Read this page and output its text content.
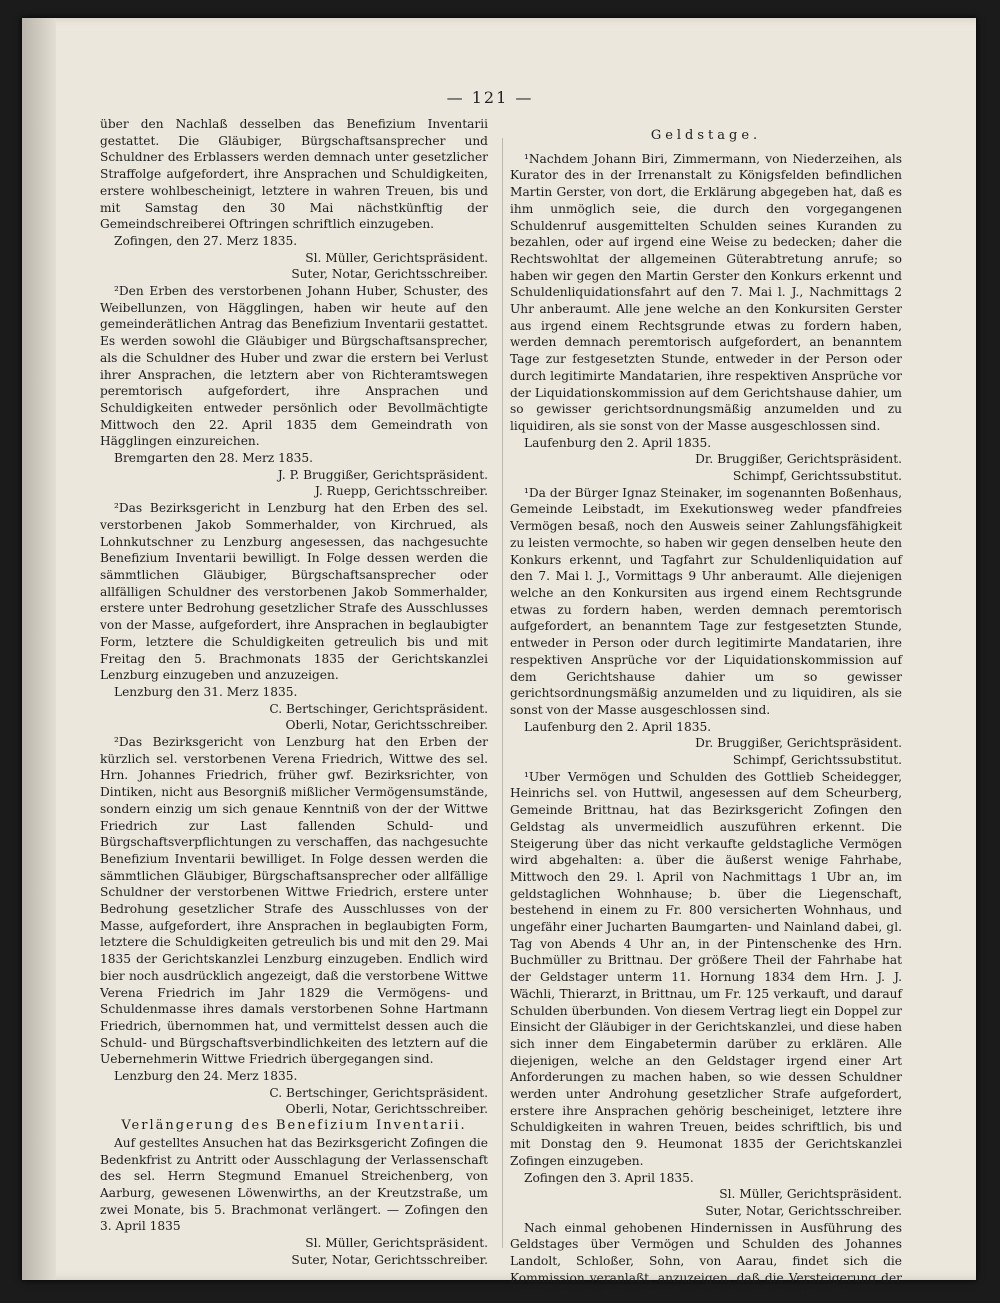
— 121 —

über den Nachlaß desselben das Benefizium Inventarii gestattet. Die Gläubiger, Bürgschaftsansprecher und Schuldner des Erblassers werden demnach unter gesetzlicher Straffolge aufgefordert, ihre Ansprachen und Schuldigkeiten, erstere wohlbescheinigt, letztere in wahren Treuen, bis und mit Samstag den 30 Mai nächstkünftig der Gemeindschreiberei Oftringen schriftlich einzugeben.

Zofingen, den 27. Merz 1835.

Sl. Müller, Gerichtspräsident.

Suter, Notar, Gerichtsschreiber.

²Den Erben des verstorbenen Johann Huber, Schuster, des Weibellunzen, von Hägglingen, haben wir heute auf den gemeinderätlichen Antrag das Benefizium Inventarii gestattet. Es werden sowohl die Gläubiger und Bürgschaftsansprecher, als die Schuldner des Huber und zwar die erstern bei Verlust ihrer Ansprachen, die letztern aber von Richteramtswegen peremtorisch aufgefordert, ihre Ansprachen und Schuldigkeiten entweder persönlich oder Bevollmächtigte Mittwoch den 22. April 1835 dem Gemeindrath von Hägglingen einzureichen.

Bremgarten den 28. Merz 1835.

J. P. Bruggißer, Gerichtspräsident.

J. Ruepp, Gerichtsschreiber.

²Das Bezirksgericht in Lenzburg hat den Erben des sel. verstorbenen Jakob Sommerhalder, von Kirchrued, als Lohnkutschner zu Lenzburg angesessen, das nachgesuchte Benefizium Inventarii bewilligt. In Folge dessen werden die sämmtlichen Gläubiger, Bürgschaftsansprecher oder allfälligen Schuldner des verstorbenen Jakob Sommerhalder, erstere unter Bedrohung gesetzlicher Strafe des Ausschlusses von der Masse, aufgefordert, ihre Ansprachen in beglaubigter Form, letztere die Schuldigkeiten getreulich bis und mit Freitag den 5. Brachmonats 1835 der Gerichtskanzlei Lenzburg einzugeben und anzuzeigen.

Lenzburg den 31. Merz 1835.

C. Bertschinger, Gerichtspräsident.

Oberli, Notar, Gerichtsschreiber.

²Das Bezirksgericht von Lenzburg hat den Erben der kürzlich sel. verstorbenen Verena Friedrich, Wittwe des sel. Hrn. Johannes Friedrich, früher gwf. Bezirksrichter, von Dintiken, nicht aus Besorgniß mißlicher Vermögensumstände, sondern einzig um sich genaue Kenntniß von der der Wittwe Friedrich zur Last fallenden Schuld- und Bürgschaftsverpflichtungen zu verschaffen, das nachgesuchte Benefizium Inventarii bewilliget. In Folge dessen werden die sämmtlichen Gläubiger, Bürgschaftsansprecher oder allfällige Schuldner der verstorbenen Wittwe Friedrich, erstere unter Bedrohung gesetzlicher Strafe des Ausschlusses von der Masse, aufgefordert, ihre Ansprachen in beglaubigten Form, letztere die Schuldigkeiten getreulich bis und mit den 29. Mai 1835 der Gerichtskanzlei Lenzburg einzugeben. Endlich wird bier noch ausdrücklich angezeigt, daß die verstorbene Wittwe Verena Friedrich im Jahr 1829 die Vermögens- und Schuldenmasse ihres damals verstorbenen Sohne Hartmann Friedrich, übernommen hat, und vermittelst dessen auch die Schuld- und Bürgschaftsverbindlichkeiten des letztern auf die Uebernehmerin Wittwe Friedrich übergegangen sind.

Lenzburg den 24. Merz 1835.

C. Bertschinger, Gerichtspräsident.

Oberli, Notar, Gerichtsschreiber.

Verlängerung des Benefizium Inventarii.

Auf gestelltes Ansuchen hat das Bezirksgericht Zofingen die Bedenkfrist zu Antritt oder Ausschlagung der Verlassenschaft des sel. Herrn Stegmund Emanuel Streichenberg, von Aarburg, gewesenen Löwenwirths, an der Kreutzstraße, um zwei Monate, bis 5. Brachmonat verlängert. — Zofingen den 3. April 1835

Sl. Müller, Gerichtspräsident.

Suter, Notar, Gerichtsschreiber.

Geldstage.

¹Nachdem Johann Biri, Zimmermann, von Niederzeihen, als Kurator des in der Irrenanstalt zu Königsfelden befindlichen Martin Gerster, von dort, die Erklärung abgegeben hat, daß es ihm unmöglich seie, die durch den vorgegangenen Schuldenruf ausgemittelten Schulden seines Kuranden zu bezahlen, oder auf irgend eine Weise zu bedecken; daher die Rechtswohltat der allgemeinen Güterabtretung anrufe; so haben wir gegen den Martin Gerster den Konkurs erkennt und Schuldenliquidationsfahrt auf den 7. Mai l. J., Nachmittags 2 Uhr anberaumt. Alle jene welche an den Konkursiten Gerster aus irgend einem Rechtsgrunde etwas zu fordern haben, werden demnach peremtorisch aufgefordert, an benanntem Tage zur festgesetzten Stunde, entweder in der Person oder durch legitimirte Mandatarien, ihre respektiven Ansprüche vor der Liquidationskommission auf dem Gerichtshause dahier, um so gewisser gerichtsordnungsmäßig anzumelden und zu liquidiren, als sie sonst von der Masse ausgeschlossen sind.

Laufenburg den 2. April 1835.

Dr. Bruggißer, Gerichtspräsident.

Schimpf, Gerichtssubstitut.

¹Da der Bürger Ignaz Steinaker, im sogenannten Boßenhaus, Gemeinde Leibstadt, im Exekutionsweg weder pfandfreies Vermögen besaß, noch den Ausweis seiner Zahlungsfähigkeit zu leisten vermochte, so haben wir gegen denselben heute den Konkurs erkennt, und Tagfahrt zur Schuldenliquidation auf den 7. Mai l. J., Vormittags 9 Uhr anberaumt. Alle diejenigen welche an den Konkursiten aus irgend einem Rechtsgrunde etwas zu fordern haben, werden demnach peremtorisch aufgefordert, an benanntem Tage zur festgesetzten Stunde, entweder in Person oder durch legitimirte Mandatarien, ihre respektiven Ansprüche vor der Liquidationskommission auf dem Gerichtshause dahier um so gewisser gerichtsordnungsmäßig anzumelden und zu liquidiren, als sie sonst von der Masse ausgeschlossen sind.

Laufenburg den 2. April 1835.

Dr. Bruggißer, Gerichtspräsident.

Schimpf, Gerichtssubstitut.

¹Uber Vermögen und Schulden des Gottlieb Scheidegger, Heinrichs sel. von Huttwil, angesessen auf dem Scheurberg, Gemeinde Brittnau, hat das Bezirksgericht Zofingen den Geldstag als unvermeidlich auszuführen erkennt. Die Steigerung über das nicht verkaufte geldstagliche Vermögen wird abgehalten: a. über die äußerst wenige Fahrhabe, Mittwoch den 29. l. April von Nachmittags 1 Ubr an, im geldstaglichen Wohnhause; b. über die Liegenschaft, bestehend in einem zu Fr. 800 versicherten Wohnhaus, und ungefähr einer Jucharten Baumgarten- und Nainland dabei, gl. Tag von Abends 4 Uhr an, in der Pintenschenke des Hrn. Buchmüller zu Brittnau. Der größere Theil der Fahrhabe hat der Geldstager unterm 11. Hornung 1834 dem Hrn. J. J. Wächli, Thierarzt, in Brittnau, um Fr. 125 verkauft, und darauf Schulden überbunden. Von diesem Vertrag liegt ein Doppel zur Einsicht der Gläubiger in der Gerichtskanzlei, und diese haben sich inner dem Eingabetermin darüber zu erklären. Alle diejenigen, welche an den Geldstager irgend einer Art Anforderungen zu machen haben, so wie dessen Schuldner werden unter Androhung gesetzlicher Strafe aufgefordert, erstere ihre Ansprachen gehörig bescheiniget, letztere ihre Schuldigkeiten in wahren Treuen, beides schriftlich, bis und mit Donstag den 9. Heumonat 1835 der Gerichtskanzlei Zofingen einzugeben.

Zofingen den 3. April 1835.

Sl. Müller, Gerichtspräsident.

Suter, Notar, Gerichtsschreiber.

Nach einmal gehobenen Hindernissen in Ausführung des Geldstages über Vermögen und Schulden des Johannes Landolt, Schloßer, Sohn, von Aarau, findet sich die Kommission veranlaßt, anzuzeigen, daß die Versteigerung der geldstaglichen Fahrhabe auf Samstag den 18. dieß, des
